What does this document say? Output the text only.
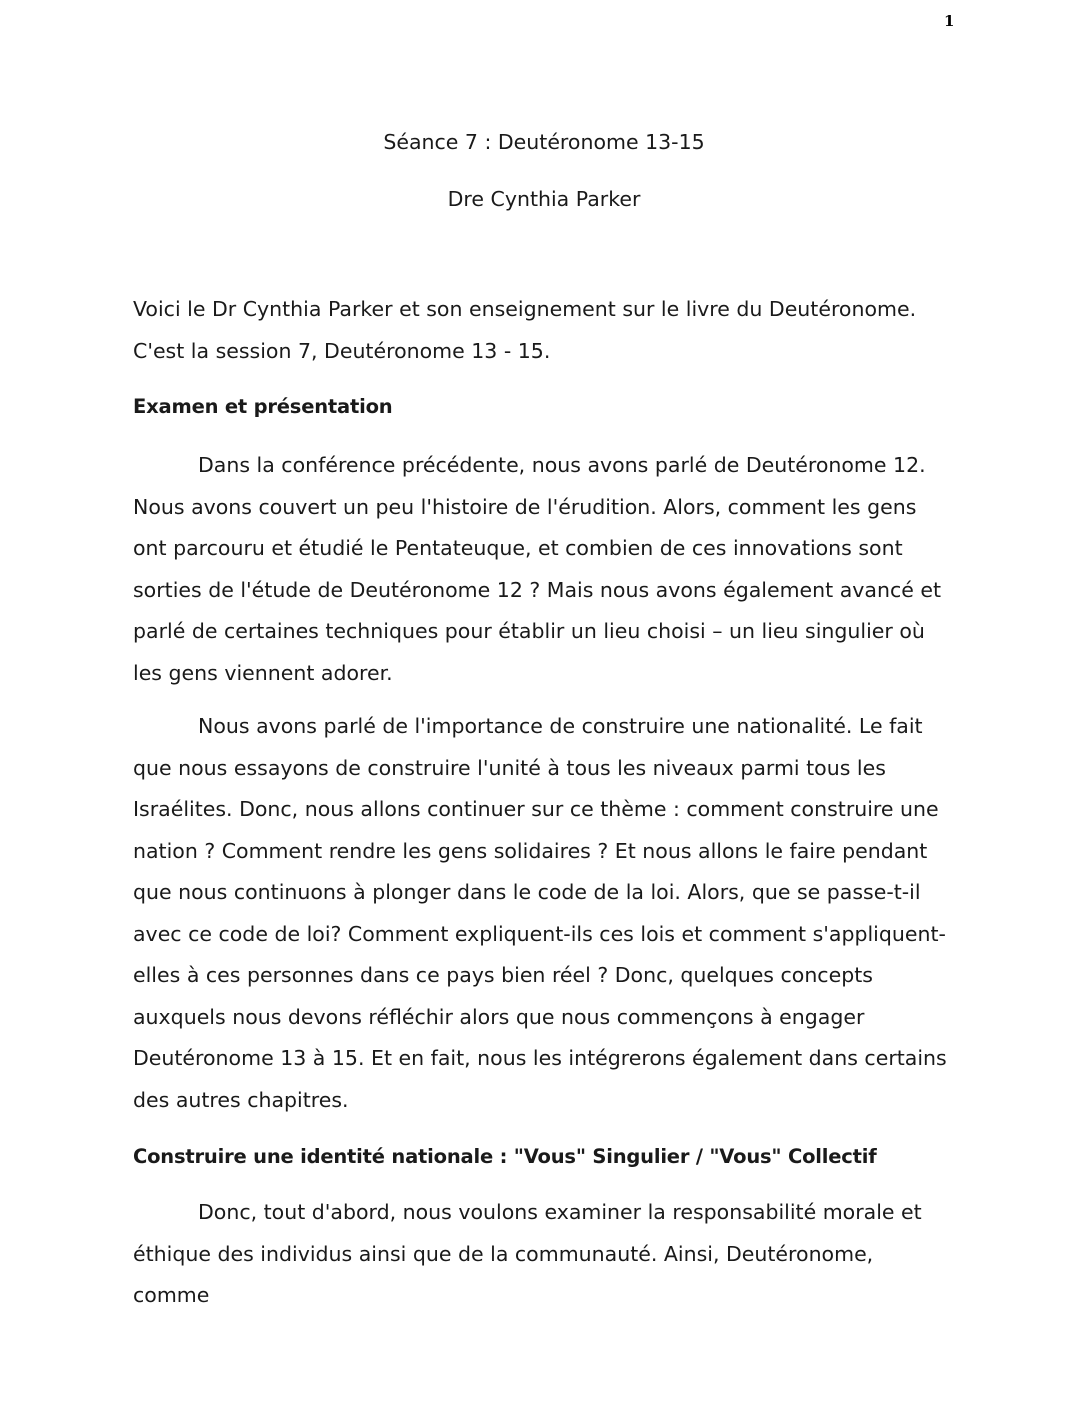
1
Séance 7 : Deutéronome 13-15
Dre Cynthia Parker
Voici le Dr Cynthia Parker et son enseignement sur le livre du Deutéronome. C'est la session 7, Deutéronome 13 - 15.
Examen et présentation
Dans la conférence précédente, nous avons parlé de Deutéronome 12. Nous avons couvert un peu l'histoire de l'érudition. Alors, comment les gens ont parcouru et étudié le Pentateuque, et combien de ces innovations sont sorties de l'étude de Deutéronome 12 ? Mais nous avons également avancé et parlé de certaines techniques pour établir un lieu choisi – un lieu singulier où les gens viennent adorer.
Nous avons parlé de l'importance de construire une nationalité. Le fait que nous essayons de construire l'unité à tous les niveaux parmi tous les Israélites. Donc, nous allons continuer sur ce thème : comment construire une nation ? Comment rendre les gens solidaires ? Et nous allons le faire pendant que nous continuons à plonger dans le code de la loi. Alors, que se passe-t-il avec ce code de loi? Comment expliquent-ils ces lois et comment s'appliquent-elles à ces personnes dans ce pays bien réel ? Donc, quelques concepts auxquels nous devons réfléchir alors que nous commençons à engager Deutéronome 13 à 15. Et en fait, nous les intégrerons également dans certains des autres chapitres.
Construire une identité nationale : "Vous" Singulier / "Vous" Collectif
Donc, tout d'abord, nous voulons examiner la responsabilité morale et éthique des individus ainsi que de la communauté. Ainsi, Deutéronome, comme
